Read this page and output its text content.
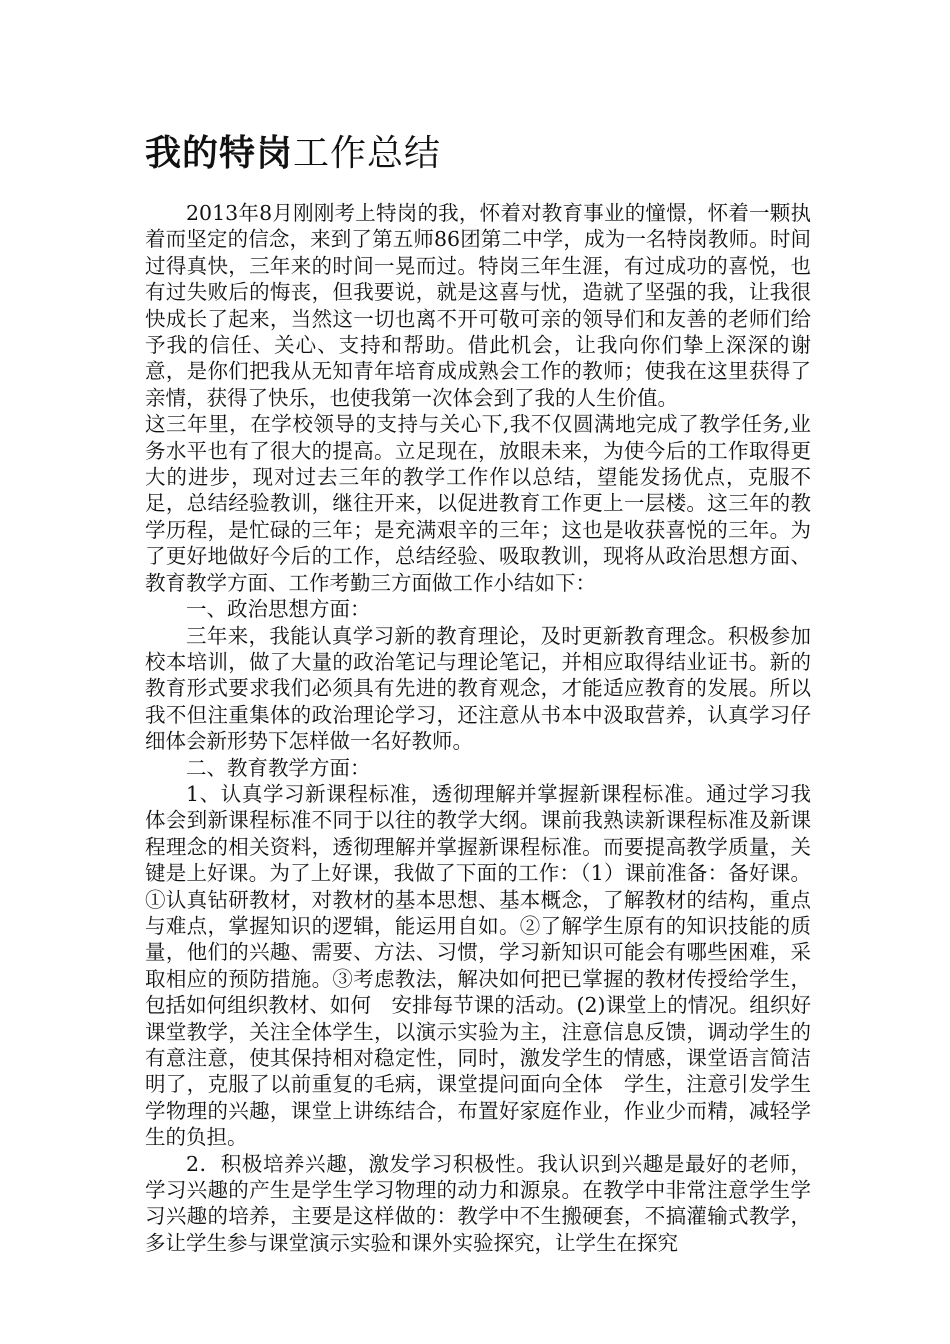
我的特岗工作总结

2013年8月刚刚考上特岗的我，怀着对教育事业的憧憬，怀着一颗执着而坚定的信念，来到了第五师86团第二中学，成为一名特岗教师。时间过得真快，三年来的时间一晃而过。特岗三年生涯，有过成功的喜悦，也有过失败后的悔丧，但我要说，就是这喜与忧，造就了坚强的我，让我很快成长了起来，当然这一切也离不开可敬可亲的领导们和友善的老师们给予我的信任、关心、支持和帮助。借此机会，让我向你们挚上深深的谢意，是你们把我从无知青年培育成成熟会工作的教师；使我在这里获得了亲情，获得了快乐，也使我第一次体会到了我的人生价值。

这三年里，在学校领导的支持与关心下,我不仅圆满地完成了教学任务,业务水平也有了很大的提高。立足现在，放眼未来，为使今后的工作取得更大的进步，现对过去三年的教学工作作以总结，望能发扬优点，克服不足，总结经验教训，继往开来，以促进教育工作更上一层楼。这三年的教学历程，是忙碌的三年；是充满艰辛的三年；这也是收获喜悦的三年。为了更好地做好今后的工作，总结经验、吸取教训，现将从政治思想方面、教育教学方面、工作考勤三方面做工作小结如下：

一、政治思想方面：

三年来，我能认真学习新的教育理论，及时更新教育理念。积极参加校本培训，做了大量的政治笔记与理论笔记，并相应取得结业证书。新的教育形式要求我们必须具有先进的教育观念，才能适应教育的发展。所以我不但注重集体的政治理论学习，还注意从书本中汲取营养，认真学习仔细体会新形势下怎样做一名好教师。

二、教育教学方面：

1、认真学习新课程标准，透彻理解并掌握新课程标准。通过学习我体会到新课程标准不同于以往的教学大纲。课前我熟读新课程标准及新课程理念的相关资料，透彻理解并掌握新课程标准。而要提高教学质量，关键是上好课。为了上好课，我做了下面的工作：（1）课前准备：备好课。①认真钻研教材，对教材的基本思想、基本概念，了解教材的结构，重点与难点，掌握知识的逻辑，能运用自如。②了解学生原有的知识技能的质量，他们的兴趣、需要、方法、习惯，学习新知识可能会有哪些困难，采取相应的预防措施。③考虑教法，解决如何把已掌握的教材传授给学生，包括如何组织教材、如何　安排每节课的活动。(2)课堂上的情况。组织好课堂教学，关注全体学生，以演示实验为主，注意信息反馈，调动学生的有意注意，使其保持相对稳定性，同时，激发学生的情感，课堂语言简洁明了，克服了以前重复的毛病，课堂提问面向全体　学生，注意引发学生学物理的兴趣，课堂上讲练结合，布置好家庭作业，作业少而精，减轻学生的负担。

2．积极培养兴趣，激发学习积极性。我认识到兴趣是最好的老师，学习兴趣的产生是学生学习物理的动力和源泉。在教学中非常注意学生学习兴趣的培养，主要是这样做的：教学中不生搬硬套，不搞灌输式教学，多让学生参与课堂演示实验和课外实验探究，让学生在探究
